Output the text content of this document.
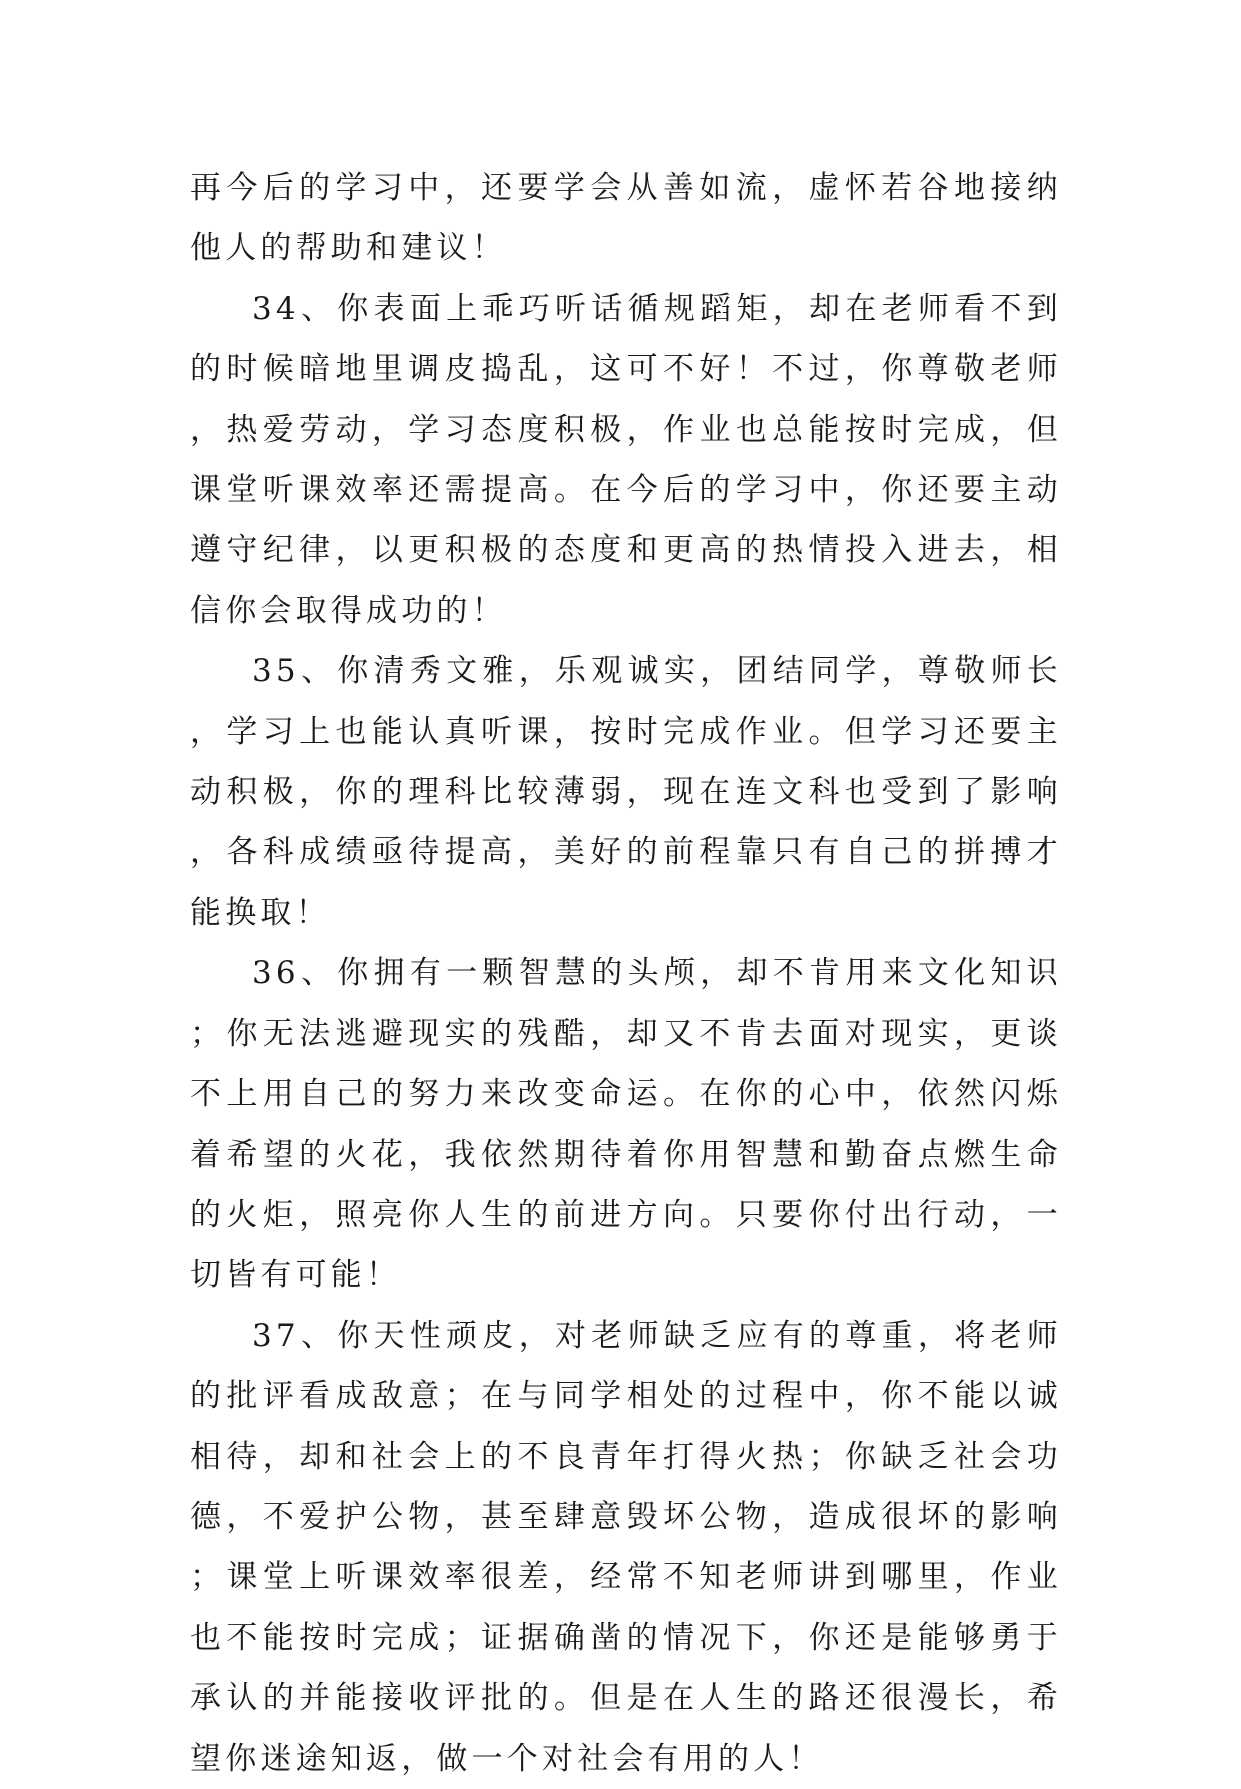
再今后的学习中，还要学会从善如流，虚怀若谷地接纳他人的帮助和建议！

34、你表面上乖巧听话循规蹈矩，却在老师看不到的时候暗地里调皮捣乱，这可不好！不过，你尊敬老师，热爱劳动，学习态度积极，作业也总能按时完成，但课堂听课效率还需提高。在今后的学习中，你还要主动遵守纪律，以更积极的态度和更高的热情投入进去，相信你会取得成功的！

35、你清秀文雅，乐观诚实，团结同学，尊敬师长，学习上也能认真听课，按时完成作业。但学习还要主动积极，你的理科比较薄弱，现在连文科也受到了影响，各科成绩亟待提高，美好的前程靠只有自己的拼搏才能换取！

36、你拥有一颗智慧的头颅，却不肯用来文化知识；你无法逃避现实的残酷，却又不肯去面对现实，更谈不上用自己的努力来改变命运。在你的心中，依然闪烁着希望的火花，我依然期待着你用智慧和勤奋点燃生命的火炬，照亮你人生的前进方向。只要你付出行动，一切皆有可能！

37、你天性顽皮，对老师缺乏应有的尊重，将老师的批评看成敌意；在与同学相处的过程中，你不能以诚相待，却和社会上的不良青年打得火热；你缺乏社会功德，不爱护公物，甚至肆意毁坏公物，造成很坏的影响；课堂上听课效率很差，经常不知老师讲到哪里，作业也不能按时完成；证据确凿的情况下，你还是能够勇于承认的并能接收评批的。但是在人生的路还很漫长，希望你迷途知返，做一个对社会有用的人！
